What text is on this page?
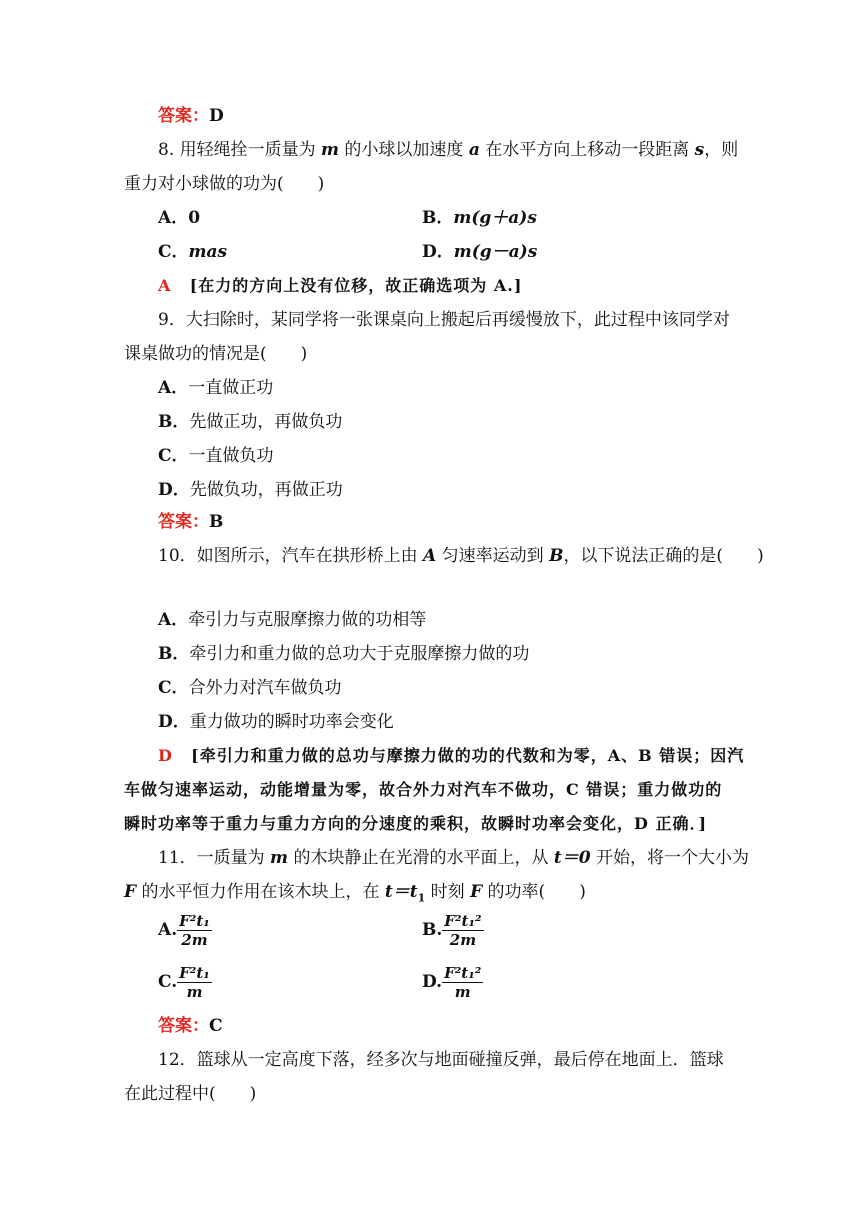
答案：D
8. 用轻绳拴一质量为 m 的小球以加速度 a 在水平方向上移动一段距离 s，则
重力对小球做的功为(　　)
A．0	B．m(g＋a)s
C．mas	D．m(g－a)s
A [在力的方向上没有位移，故正确选项为 A.]
9．大扫除时，某同学将一张课桌向上搬起后再缓慢放下，此过程中该同学对
课桌做功的情况是(　　)
A．一直做正功
B．先做正功，再做负功
C．一直做负功
D．先做负功，再做正功
答案：B
10．如图所示，汽车在拱形桥上由 A 匀速率运动到 B，以下说法正确的是(　　)
A．牵引力与克服摩擦力做的功相等
B．牵引力和重力做的总功大于克服摩擦力做的功
C．合外力对汽车做负功
D．重力做功的瞬时功率会变化
D [牵引力和重力做的总功与摩擦力做的功的代数和为零，A、B 错误；因汽
车做匀速率运动，动能增量为零，故合外力对汽车不做功，C 错误；重力做功的
瞬时功率等于重力与重力方向的分速度的乘积，故瞬时功率会变化，D 正确．]
11．一质量为 m 的木块静止在光滑的水平面上，从 t＝0 开始，将一个大小为
F 的水平恒力作用在该木块上，在 $t=t_1$ 时刻 F 的功率(　　)
A. $\frac{\text{F²t₁}}{2m}$	B. $\frac{\text{F²t₁²}}{2m}$
C. $\frac{\text{F²t₁}}{m}$	D. $\frac{\text{F²t₁²}}{m}$
答案：C
12．篮球从一定高度下落，经多次与地面碰撞反弹，最后停在地面上．篮球
在此过程中(　　)
